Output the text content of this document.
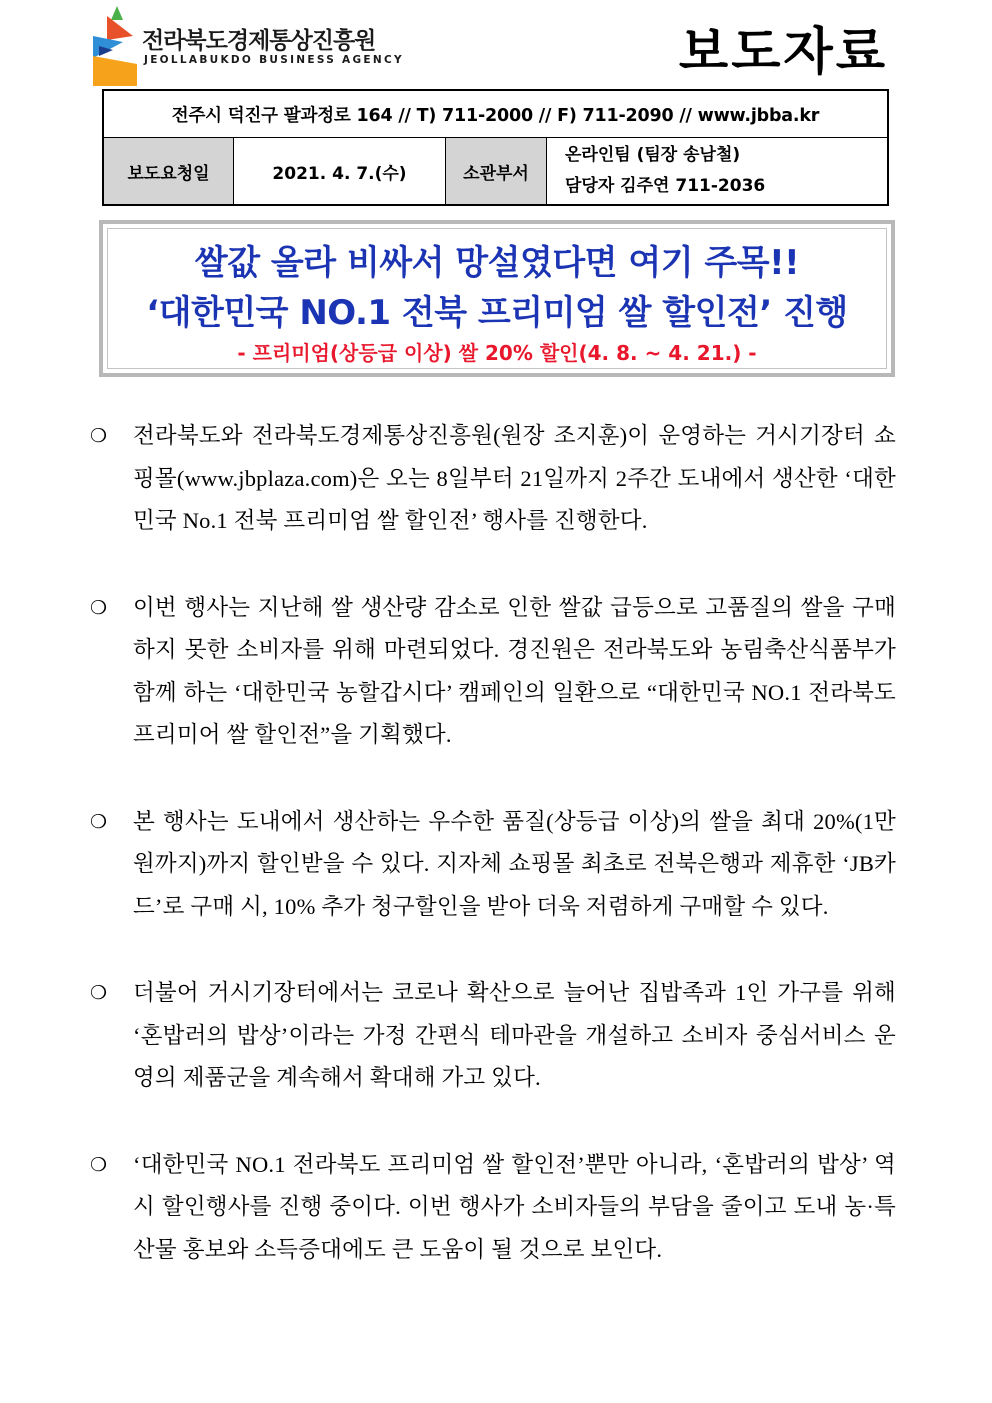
전라북도경제통상진흥원
JEOLLABUKDO BUSINESS AGENCY	보도자료
전주시 덕진구 팔과정로 164 // T) 711-2000 // F) 711-2090 // www.jbba.kr
보도요청일	2021. 4. 7.(수)	소관부서	
온라인팀 (팀장 송남철)
담당자 김주연 711-2036
쌀값 올라 비싸서 망설였다면 여기 주목!!
‘대한민국 NO.1 전북 프리미엄 쌀 할인전’ 진행
- 프리미엄(상등급 이상) 쌀 20% 할인(4. 8. ~ 4. 21.) -
❍	전라북도와 전라북도경제통상진흥원(원장 조지훈)이 운영하는 거시기장터 쇼핑몰(www.jbplaza.com)은 오는 8일부터 21일까지 2주간 도내에서 생산한 ‘대한민국 No.1 전북 프리미엄 쌀 할인전’ 행사를 진행한다.
❍	이번 행사는 지난해 쌀 생산량 감소로 인한 쌀값 급등으로 고품질의 쌀을 구매하지 못한 소비자를 위해 마련되었다. 경진원은 전라북도와 농림축산식품부가 함께 하는 ‘대한민국 농할갑시다’ 캠페인의 일환으로 “대한민국 NO.1 전라북도 프리미어 쌀 할인전”을 기획했다.
❍	본 행사는 도내에서 생산하는 우수한 품질(상등급 이상)의 쌀을 최대 20%(1만원까지)까지 할인받을 수 있다. 지자체 쇼핑몰 최초로 전북은행과 제휴한 ‘JB카드’로 구매 시, 10% 추가 청구할인을 받아 더욱 저렴하게 구매할 수 있다.
❍	더불어 거시기장터에서는 코로나 확산으로 늘어난 집밥족과 1인 가구를 위해 ‘혼밥러의 밥상’이라는 가정 간편식 테마관을 개설하고 소비자 중심서비스 운영의 제품군을 계속해서 확대해 가고 있다.
❍	‘대한민국 NO.1 전라북도 프리미엄 쌀 할인전’뿐만 아니라, ‘혼밥러의 밥상’ 역시 할인행사를 진행 중이다. 이번 행사가 소비자들의 부담을 줄이고 도내 농·특산물 홍보와 소득증대에도 큰 도움이 될 것으로 보인다.
